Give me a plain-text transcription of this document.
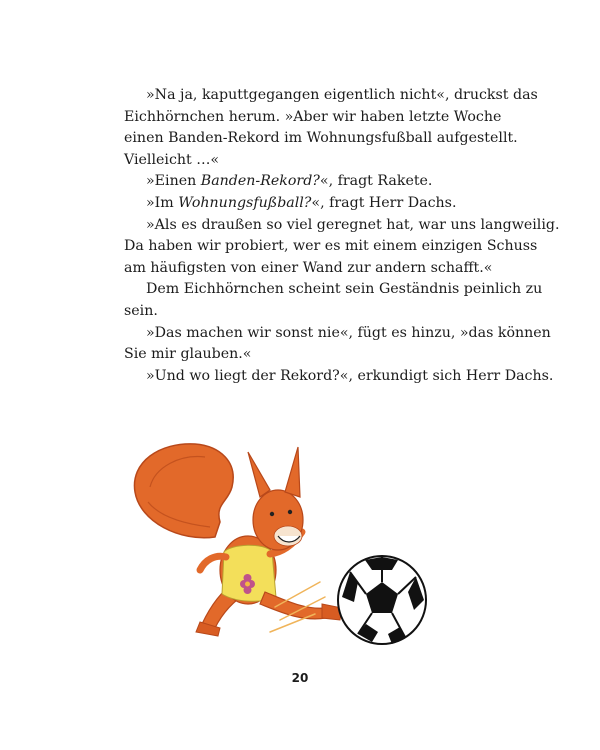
»Na ja, kaputtgegangen eigentlich nicht«, druckst das
Eichhörnchen herum. »Aber wir haben letzte Woche
einen Banden-Rekord im Wohnungsfußball aufgestellt.
Vielleicht …«

»Einen Banden-Rekord?«, fragt Rakete.

»Im Wohnungsfußball?«, fragt Herr Dachs.

»Als es draußen so viel geregnet hat, war uns langweilig.
Da haben wir probiert, wer es mit einem einzigen Schuss
am häufigsten von einer Wand zur andern schafft.«

Dem Eichhörnchen scheint sein Geständnis peinlich zu
sein.

»Das machen wir sonst nie«, fügt es hinzu, »das können
Sie mir glauben.«

»Und wo liegt der Rekord?«, erkundigt sich Herr Dachs.

20
